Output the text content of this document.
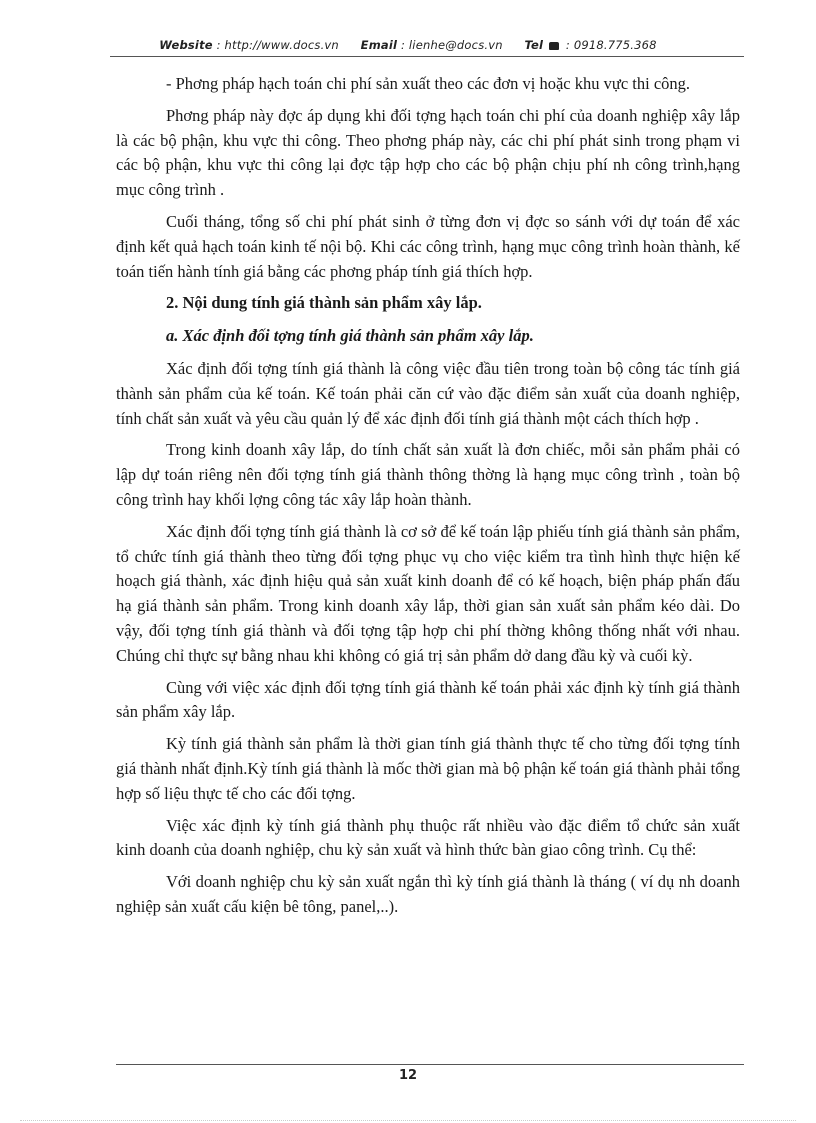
Website : http://www.docs.vn Email : lienhe@docs.vn Tel : 0918.775.368

- Phơng pháp hạch toán chi phí sản xuất theo các đơn vị hoặc khu vực thi công.

Phơng pháp này đợc áp dụng khi đối tợng hạch toán chi phí của doanh nghiệp xây lắp là các bộ phận, khu vực thi công. Theo phơng pháp này, các chi phí phát sinh trong phạm vi các bộ phận, khu vực thi công lại đợc tập hợp cho các bộ phận chịu phí nh công trình,hạng mục công trình .

Cuối tháng, tổng số chi phí phát sinh ở từng đơn vị đợc so sánh với dự toán để xác định kết quả hạch toán kinh tế nội bộ. Khi các công trình, hạng mục công trình hoàn thành, kế toán tiến hành tính giá bằng các phơng pháp tính giá thích hợp.

2. Nội dung tính giá thành sản phẩm xây lắp.

a. Xác định đối tợng tính giá thành sản phẩm xây lắp.

Xác định đối tợng tính giá thành là công việc đầu tiên trong toàn bộ công tác tính giá thành sản phẩm của kế toán. Kế toán phải căn cứ vào đặc điểm sản xuất của doanh nghiệp, tính chất sản xuất và yêu cầu quản lý để xác định đối tính giá thành một cách thích hợp .

Trong kinh doanh xây lắp, do tính chất sản xuất là đơn chiếc, mỗi sản phẩm phải có lập dự toán riêng nên đối tợng tính giá thành thông thờng là hạng mục công trình , toàn bộ công trình hay khối lợng công tác xây lắp hoàn thành.

Xác định đối tợng tính giá thành là cơ sở để kế toán lập phiếu tính giá thành sản phẩm, tổ chức tính giá thành theo từng đối tợng phục vụ cho việc kiểm tra tình hình thực hiện kế hoạch giá thành, xác định hiệu quả sản xuất kinh doanh để có kế hoạch, biện pháp phấn đấu hạ giá thành sản phẩm. Trong kinh doanh xây lắp, thời gian sản xuất sản phẩm kéo dài. Do vậy, đối tợng tính giá thành và đối tợng tập hợp chi phí thờng không thống nhất với nhau. Chúng chỉ thực sự bằng nhau khi không có giá trị sản phẩm dở dang đầu kỳ và cuối kỳ.

Cùng với việc xác định đối tợng tính giá thành kế toán phải xác định kỳ tính giá thành sản phẩm xây lắp.

Kỳ tính giá thành sản phẩm là thời gian tính giá thành thực tế cho từng đối tợng tính giá thành nhất định.Kỳ tính giá thành là mốc thời gian mà bộ phận kế toán giá thành phải tổng hợp số liệu thực tế cho các đối tợng.

Việc xác định kỳ tính giá thành phụ thuộc rất nhiều vào đặc điểm tổ chức sản xuất kinh doanh của doanh nghiệp, chu kỳ sản xuất và hình thức bàn giao công trình. Cụ thể:

Với doanh nghiệp chu kỳ sản xuất ngắn thì kỳ tính giá thành là tháng ( ví dụ nh doanh nghiệp sản xuất cấu kiện bê tông, panel,..).

12
